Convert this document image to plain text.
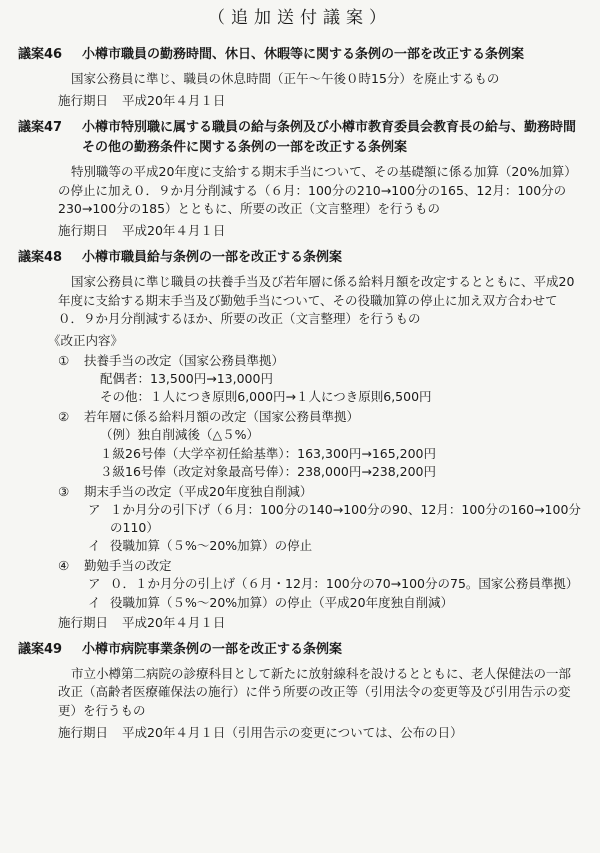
（追加送付議案）
議案46	小樽市職員の勤務時間、休日、休暇等に関する条例の一部を改正する条例案
国家公務員に準じ、職員の休息時間（正午〜午後０時15分）を廃止するもの
施行期日 平成20年４月１日
議案47	小樽市特別職に属する職員の給与条例及び小樽市教育委員会教育長の給与、勤務時間その他の勤務条件に関する条例の一部を改正する条例案
特別職等の平成20年度に支給する期末手当について、その基礎額に係る加算（20%加算）の停止に加え０．９か月分削減する（６月：100分の210→100分の165、12月：100分の230→100分の185）とともに、所要の改正（文言整理）を行うもの
施行期日 平成20年４月１日
議案48	小樽市職員給与条例の一部を改正する条例案
国家公務員に準じ職員の扶養手当及び若年層に係る給料月額を改定するとともに、平成20年度に支給する期末手当及び勤勉手当について、その役職加算の停止に加え双方合わせて０．９か月分削減するほか、所要の改正（文言整理）を行うもの
《改正内容》
①	扶養手当の改定（国家公務員準拠）
配偶者：13,500円→13,000円
その他：１人につき原則6,000円→１人につき原則6,500円
②	若年層に係る給料月額の改定（国家公務員準拠）
（例）独自削減後（△５%）
１級26号俸（大学卒初任給基準）：163,300円→165,200円
３級16号俸（改定対象最高号俸）：238,000円→238,200円
③	期末手当の改定（平成20年度独自削減）
ア １か月分の引下げ（６月：100分の140→100分の90、12月：100分の160→100分の110）
イ 役職加算（５%〜20%加算）の停止
④	勤勉手当の改定
ア ０．１か月分の引上げ（６月・12月：100分の70→100分の75。国家公務員準拠）
イ 役職加算（５%〜20%加算）の停止（平成20年度独自削減）
施行期日 平成20年４月１日
議案49	小樽市病院事業条例の一部を改正する条例案
市立小樽第二病院の診療科目として新たに放射線科を設けるとともに、老人保健法の一部改正（高齢者医療確保法の施行）に伴う所要の改正等（引用法令の変更等及び引用告示の変更）を行うもの
施行期日 平成20年４月１日（引用告示の変更については、公布の日）
